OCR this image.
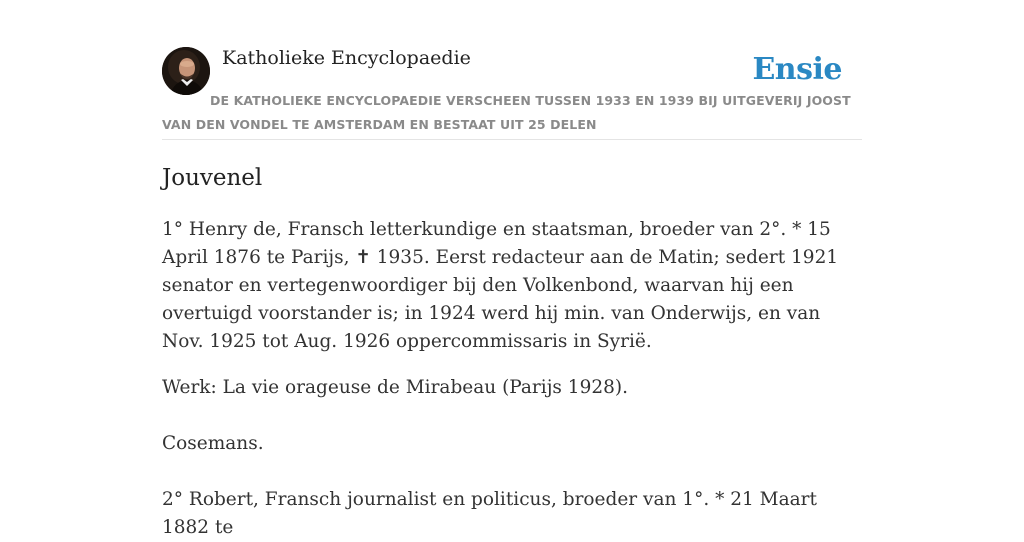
Katholieke Encyclopaedie	Ensie
DE KATHOLIEKE ENCYCLOPAEDIE VERSCHEEN TUSSEN 1933 EN 1939 BIJ UITGEVERIJ JOOST VAN DEN VONDEL TE AMSTERDAM EN BESTAAT UIT 25 DELEN
Jouvenel

1° Henry de, Fransch letterkundige en staatsman, broeder van 2°. * 15 April 1876 te Parijs, ✝ 1935. Eerst redacteur aan de Matin; sedert 1921 senator en vertegenwoordiger bij den Volkenbond, waarvan hij een overtuigd voorstander is; in 1924 werd hij min. van Onderwijs, en van Nov. 1925 tot Aug. 1926 oppercommissaris in Syrië.

Werk: La vie orageuse de Mirabeau (Parijs 1928).

Cosemans.

2° Robert, Fransch journalist en politicus, broeder van 1°. * 21 Maart 1882 te
